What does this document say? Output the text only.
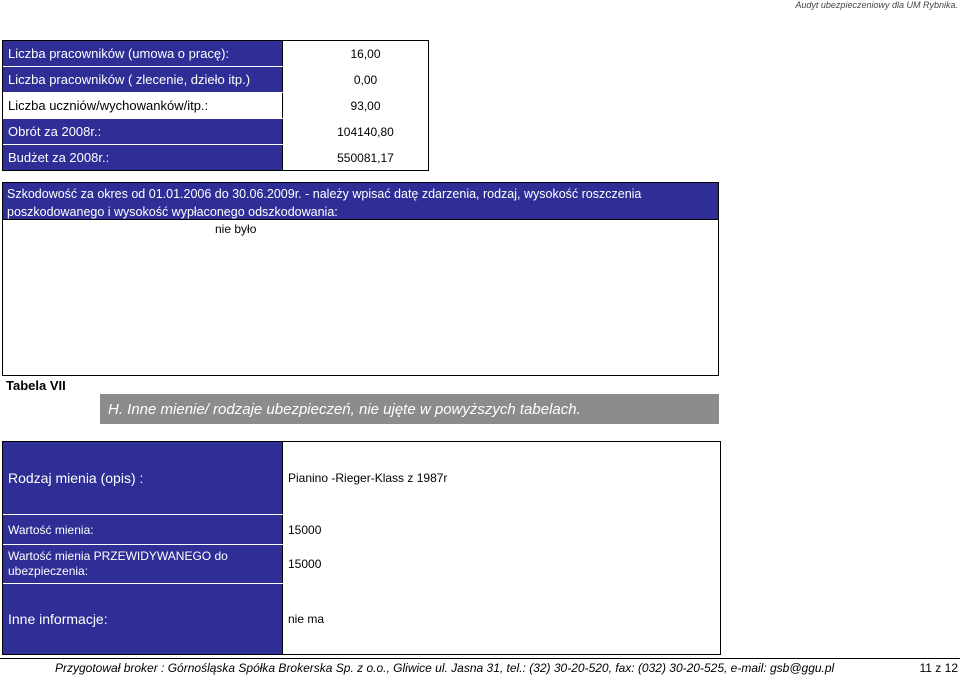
Audyt ubezpieczeniowy dla UM Rybnika.
Liczba pracowników (umowa o pracę):	16,00
Liczba pracowników ( zlecenie, dzieło itp.)	0,00
Liczba uczniów/wychowanków/itp.:	93,00
Obrót za 2008r.:	104140,80
Budżet za 2008r.:	550081,17
Szkodowość za okres od 01.01.2006 do 30.06.2009r. - należy wpisać datę zdarzenia, rodzaj, wysokość roszczenia
poszkodowanego i wysokość wypłaconego odszkodowania:
nie było
Tabela VII
H. Inne mienie/ rodzaje ubezpieczeń, nie ujęte w powyższych tabelach.
Rodzaj mienia (opis) :	Pianino -Rieger-Klass z 1987r
Wartość mienia:	15000
Wartość mienia PRZEWIDYWANEGO do ubezpieczenia:	15000
Inne informacje:	nie ma
Przygotował broker : Górnośląska Spółka Brokerska Sp. z o.o., Gliwice ul. Jasna 31, tel.: (32) 30-20-520, fax: (032) 30-20-525, e-mail: gsb@ggu.pl	11 z 12
